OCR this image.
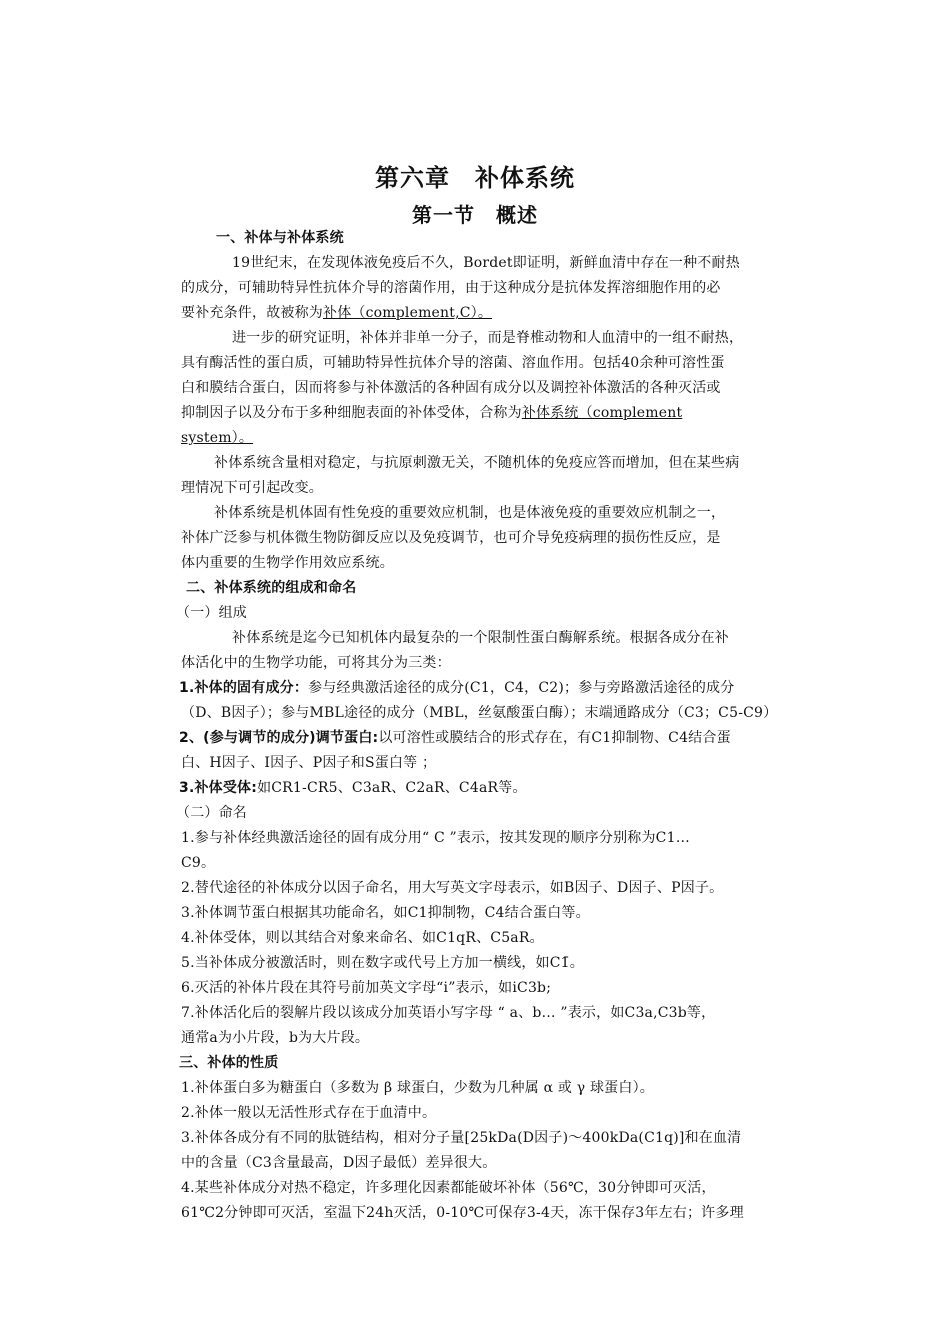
第六章　补体系统
第一节　概述
一、补体与补体系统
19世纪末，在发现体液免疫后不久，Bordet即证明，新鲜血清中存在一种不耐热
的成分，可辅助特异性抗体介导的溶菌作用，由于这种成分是抗体发挥溶细胞作用的必
要补充条件，故被称为补体（complement,C）。
进一步的研究证明，补体并非单一分子，而是脊椎动物和人血清中的一组不耐热，
具有酶活性的蛋白质，可辅助特异性抗体介导的溶菌、溶血作用。包括40余种可溶性蛋
白和膜结合蛋白，因而将参与补体激活的各种固有成分以及调控补体激活的各种灭活或
抑制因子以及分布于多种细胞表面的补体受体，合称为补体系统（complement
system）。
补体系统含量相对稳定，与抗原刺激无关，不随机体的免疫应答而增加，但在某些病
理情况下可引起改变。
补体系统是机体固有性免疫的重要效应机制，也是体液免疫的重要效应机制之一，
补体广泛参与机体微生物防御反应以及免疫调节，也可介导免疫病理的损伤性反应，是
体内重要的生物学作用效应系统。
二、补体系统的组成和命名
（一）组成
补体系统是迄今已知机体内最复杂的一个限制性蛋白酶解系统。根据各成分在补
体活化中的生物学功能，可将其分为三类：
1.补体的固有成分：参与经典激活途径的成分(C1，C4，C2)；参与旁路激活途径的成分
（D、B因子）；参与MBL途径的成分（MBL，丝氨酸蛋白酶）；末端通路成分（C3；C5-C9）
2、(参与调节的成分)调节蛋白:以可溶性或膜结合的形式存在，有C1抑制物、C4结合蛋
白、H因子、I因子、P因子和S蛋白等 ；
3.补体受体:如CR1-CR5、C3aR、C2aR、C4aR等。
（二）命名
1.参与补体经典激活途径的固有成分用“ C ”表示，按其发现的顺序分别称为C1…
C9。
2.替代途径的补体成分以因子命名，用大写英文字母表示，如B因子、D因子、P因子。
3.补体调节蛋白根据其功能命名，如C1抑制物，C4结合蛋白等。
4.补体受体，则以其结合对象来命名、如C1qR、C5aR。
5.当补体成分被激活时，则在数字或代号上方加一横线，如C1̄。
6.灭活的补体片段在其符号前加英文字母“i”表示，如iC3b;
7.补体活化后的裂解片段以该成分加英语小写字母 “ a、b… ”表示，如C3a,C3b等，
通常a为小片段，b为大片段。
三、补体的性质
1.补体蛋白多为糖蛋白（多数为 β 球蛋白，少数为几种属 α 或 γ 球蛋白）。
2.补体一般以无活性形式存在于血清中。
3.补体各成分有不同的肽链结构，相对分子量[25kDa(D因子)～400kDa(C1q)]和在血清
中的含量（C3含量最高，D因子最低）差异很大。
4.某些补体成分对热不稳定，许多理化因素都能破坏补体（56℃，30分钟即可灭活，
61℃2分钟即可灭活，室温下24h灭活，0-10℃可保存3-4天，冻干保存3年左右；许多理
